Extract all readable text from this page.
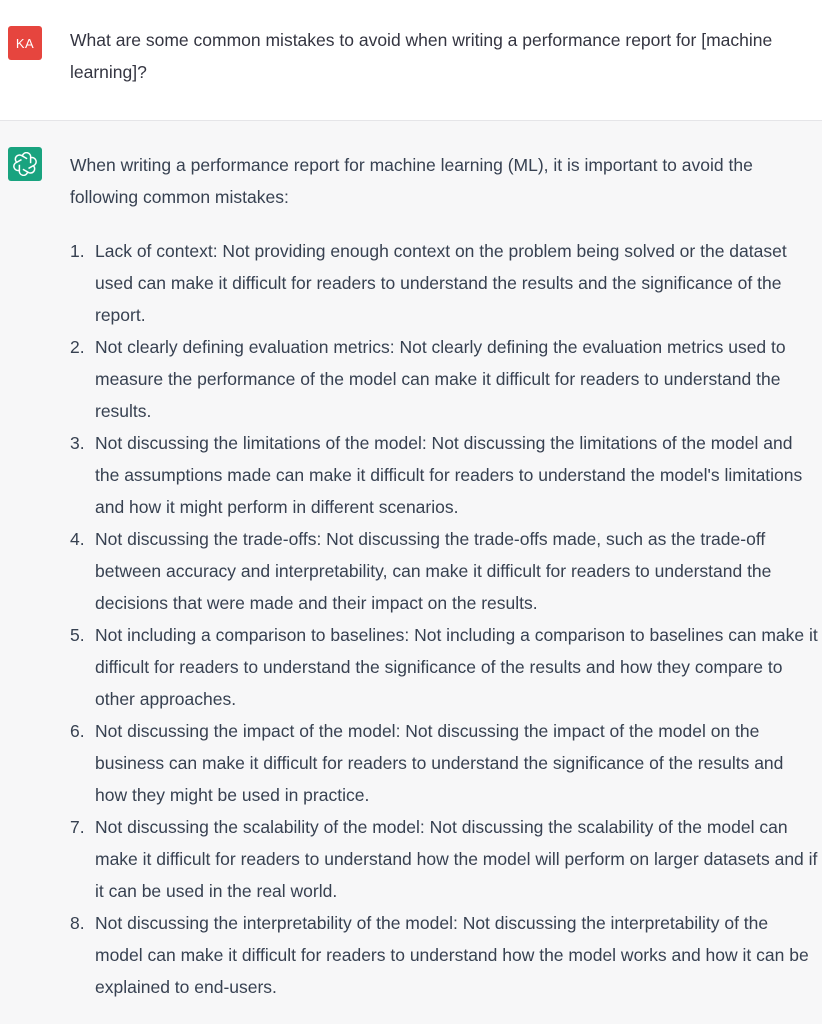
KA What are some common mistakes to avoid when writing a performance report for [machine learning]?

When writing a performance report for machine learning (ML), it is important to avoid the following common mistakes:

1. Lack of context: Not providing enough context on the problem being solved or the dataset used can make it difficult for readers to understand the results and the significance of the report.
2. Not clearly defining evaluation metrics: Not clearly defining the evaluation metrics used to measure the performance of the model can make it difficult for readers to understand the results.
3. Not discussing the limitations of the model: Not discussing the limitations of the model and the assumptions made can make it difficult for readers to understand the model's limitations and how it might perform in different scenarios.
4. Not discussing the trade-offs: Not discussing the trade-offs made, such as the trade-off between accuracy and interpretability, can make it difficult for readers to understand the decisions that were made and their impact on the results.
5. Not including a comparison to baselines: Not including a comparison to baselines can make it difficult for readers to understand the significance of the results and how they compare to other approaches.
6. Not discussing the impact of the model: Not discussing the impact of the model on the business can make it difficult for readers to understand the significance of the results and how they might be used in practice.
7. Not discussing the scalability of the model: Not discussing the scalability of the model can make it difficult for readers to understand how the model will perform on larger datasets and if it can be used in the real world.
8. Not discussing the interpretability of the model: Not discussing the interpretability of the model can make it difficult for readers to understand how the model works and how it can be explained to end-users.
